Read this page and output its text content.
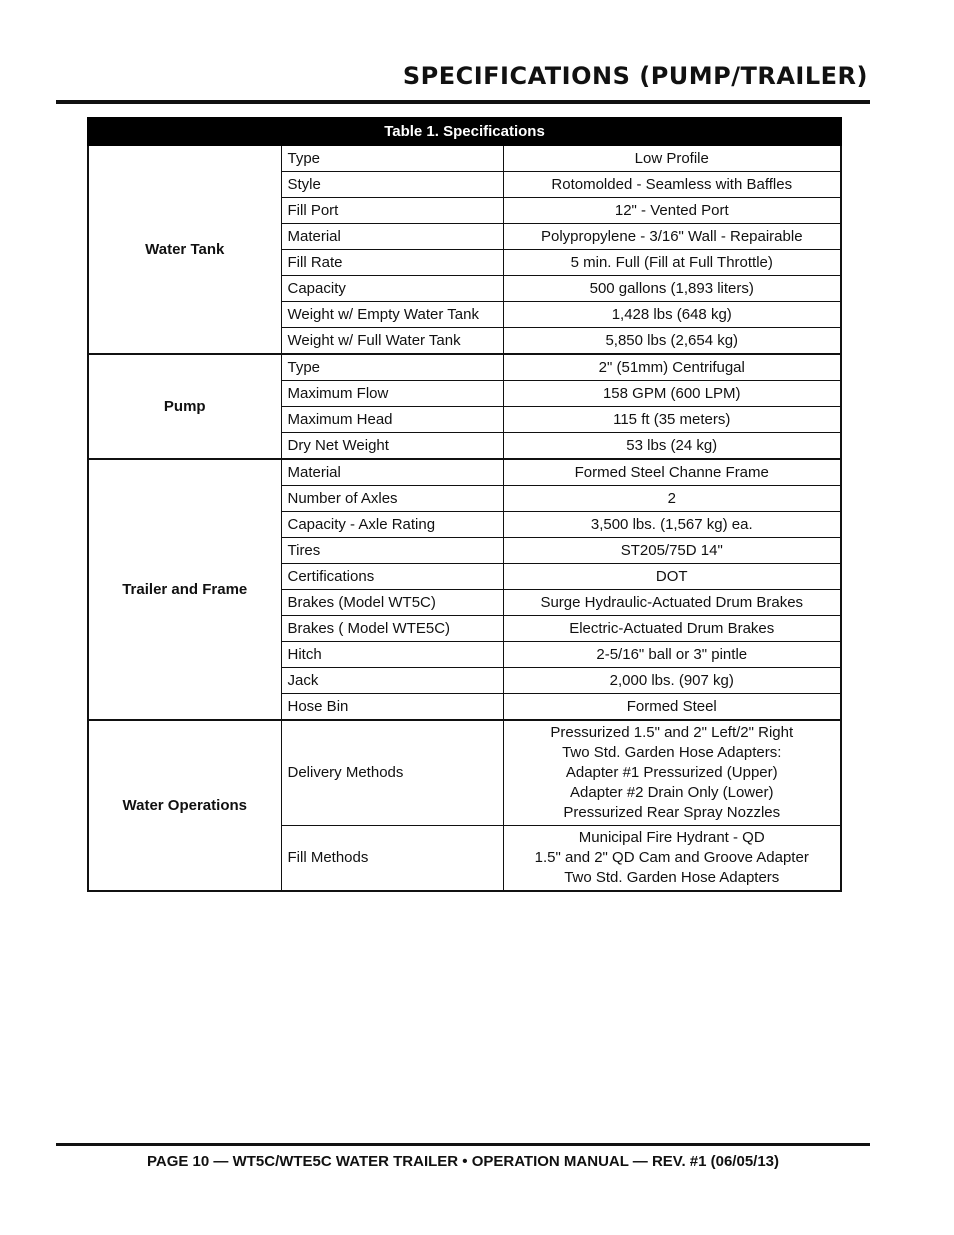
SPECIFICATIONS (PUMP/TRAILER)
Table 1. Specifications		
Water Tank	Type	Low Profile

	Style	Rotomolded - Seamless with Baffles

	Fill Port	12" - Vented Port

	Material	Polypropylene - 3/16" Wall - Repairable

	Fill Rate	5 min. Full (Fill at Full Throttle)

	Capacity	500 gallons (1,893 liters)

	Weight w/ Empty Water Tank	1,428 lbs (648 kg)

	Weight w/ Full Water Tank	5,850 lbs (2,654 kg)

Pump	Type	2" (51mm) Centrifugal

	Maximum Flow	158 GPM (600 LPM)

	Maximum Head	115 ft (35 meters)

	Dry Net Weight	53 lbs (24 kg)

Trailer and Frame	Material	Formed Steel Channe Frame

	Number of Axles	2

	Capacity - Axle Rating	3,500 lbs. (1,567 kg) ea.

	Tires	ST205/75D 14"

	Certifications	DOT

	Brakes (Model WT5C)	Surge Hydraulic-Actuated Drum Brakes

	Brakes ( Model WTE5C)	Electric-Actuated Drum Brakes

	Hitch	2-5/16" ball or 3" pintle

	Jack	2,000 lbs. (907 kg)

	Hose Bin	Formed Steel

Water Operations	Delivery Methods	Pressurized 1.5" and 2" Left/2" Right
Two Std. Garden Hose Adapters:
Adapter #1 Pressurized (Upper)
Adapter #2 Drain Only (Lower)
Pressurized Rear Spray Nozzles

	Fill Methods	Municipal Fire Hydrant - QD
1.5" and 2" QD Cam and Groove Adapter
Two Std. Garden Hose Adapters
PAGE 10 — WT5C/WTE5C WATER TRAILER • OPERATION MANUAL — REV. #1 (06/05/13)
